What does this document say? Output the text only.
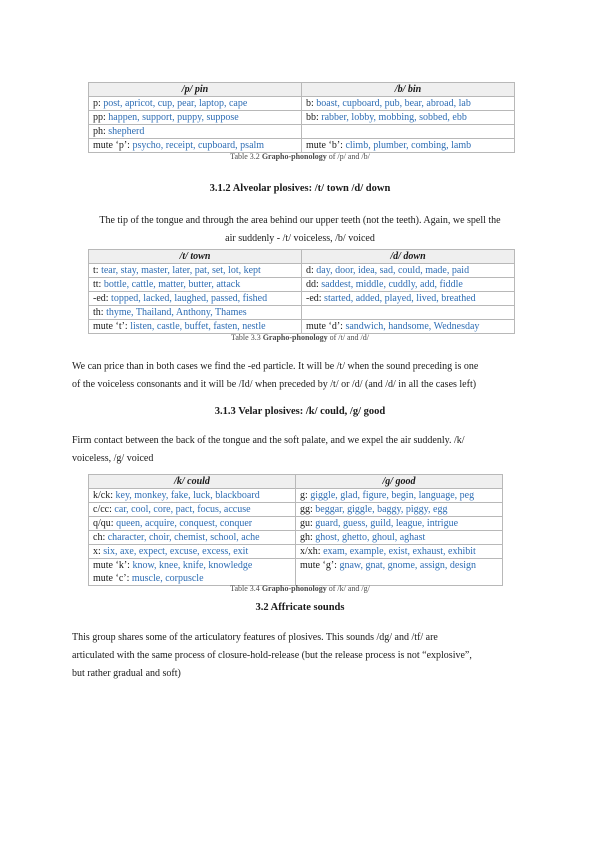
/p/ pin	/b/ bin
p: post, apricot, cup, pear, laptop, cape	b: boast, cupboard, pub, bear, abroad, lab
pp: happen, support, puppy, suppose	bb: rabber, lobby, mobbing, sobbed, ebb
ph: shepherd	
mute ‘p’: psycho, receipt, cupboard, psalm	mute ‘b’: climb, plumber, combing, lamb
Table 3.2 Grapho-phonology of /p/ and /b/
3.1.2 Alveolar plosives: /t/ town /d/ down
The tip of the tongue and through the area behind our upper teeth (not the teeth). Again, we spell the
air suddenly - /t/ voiceless, /b/ voiced
/t/ town	/d/ down
t: tear, stay, master, later, pat, set, lot, kept	d: day, door, idea, sad, could, made, paid
tt: bottle, cattle, matter, butter, attack	dd: saddest, middle, cuddly, add, fiddle
-ed: topped, lacked, laughed, passed, fished	-ed: started, added, played, lived, breathed
th: thyme, Thailand, Anthony, Thames	
mute ‘t’: listen, castle, buffet, fasten, nestle	mute ‘d’: sandwich, handsome, Wednesday
Table 3.3 Grapho-phonology of /t/ and /d/
We can price than in both cases we find the -ed particle. It will be /t/ when the sound preceding is one
of the voiceless consonants and it will be /Id/ when preceded by /t/ or /d/ (and /d/ in all the cases left)
3.1.3 Velar plosives: /k/ could, /g/ good
Firm contact between the back of the tongue and the soft palate, and we expel the air suddenly. /k/
voiceless, /g/ voiced
/k/ could	/g/ good
k/ck: key, monkey, fake, luck, blackboard	g: giggle, glad, figure, begin, language, peg
c/cc: car, cool, core, pact, focus, accuse	gg: beggar, giggle, baggy, piggy, egg
q/qu: queen, acquire, conquest, conquer	gu: guard, guess, guild, league, intrigue
ch: character, choir, chemist, school, ache	gh: ghost, ghetto, ghoul, aghast
x: six, axe, expect, excuse, excess, exit	x/xh: exam, example, exist, exhaust, exhibit
mute ‘k’: know, knee, knife, knowledge	mute ‘g’: gnaw, gnat, gnome, assign, design
mute ‘c’: muscle, corpuscle	
Table 3.4 Grapho-phonology of /k/ and /g/
3.2 Affricate sounds
This group shares some of the articulatory features of plosives. This sounds /dg/ and /tf/ are
articulated with the same process of closure-hold-release (but the release process is not “explosive”,
but rather gradual and soft)
